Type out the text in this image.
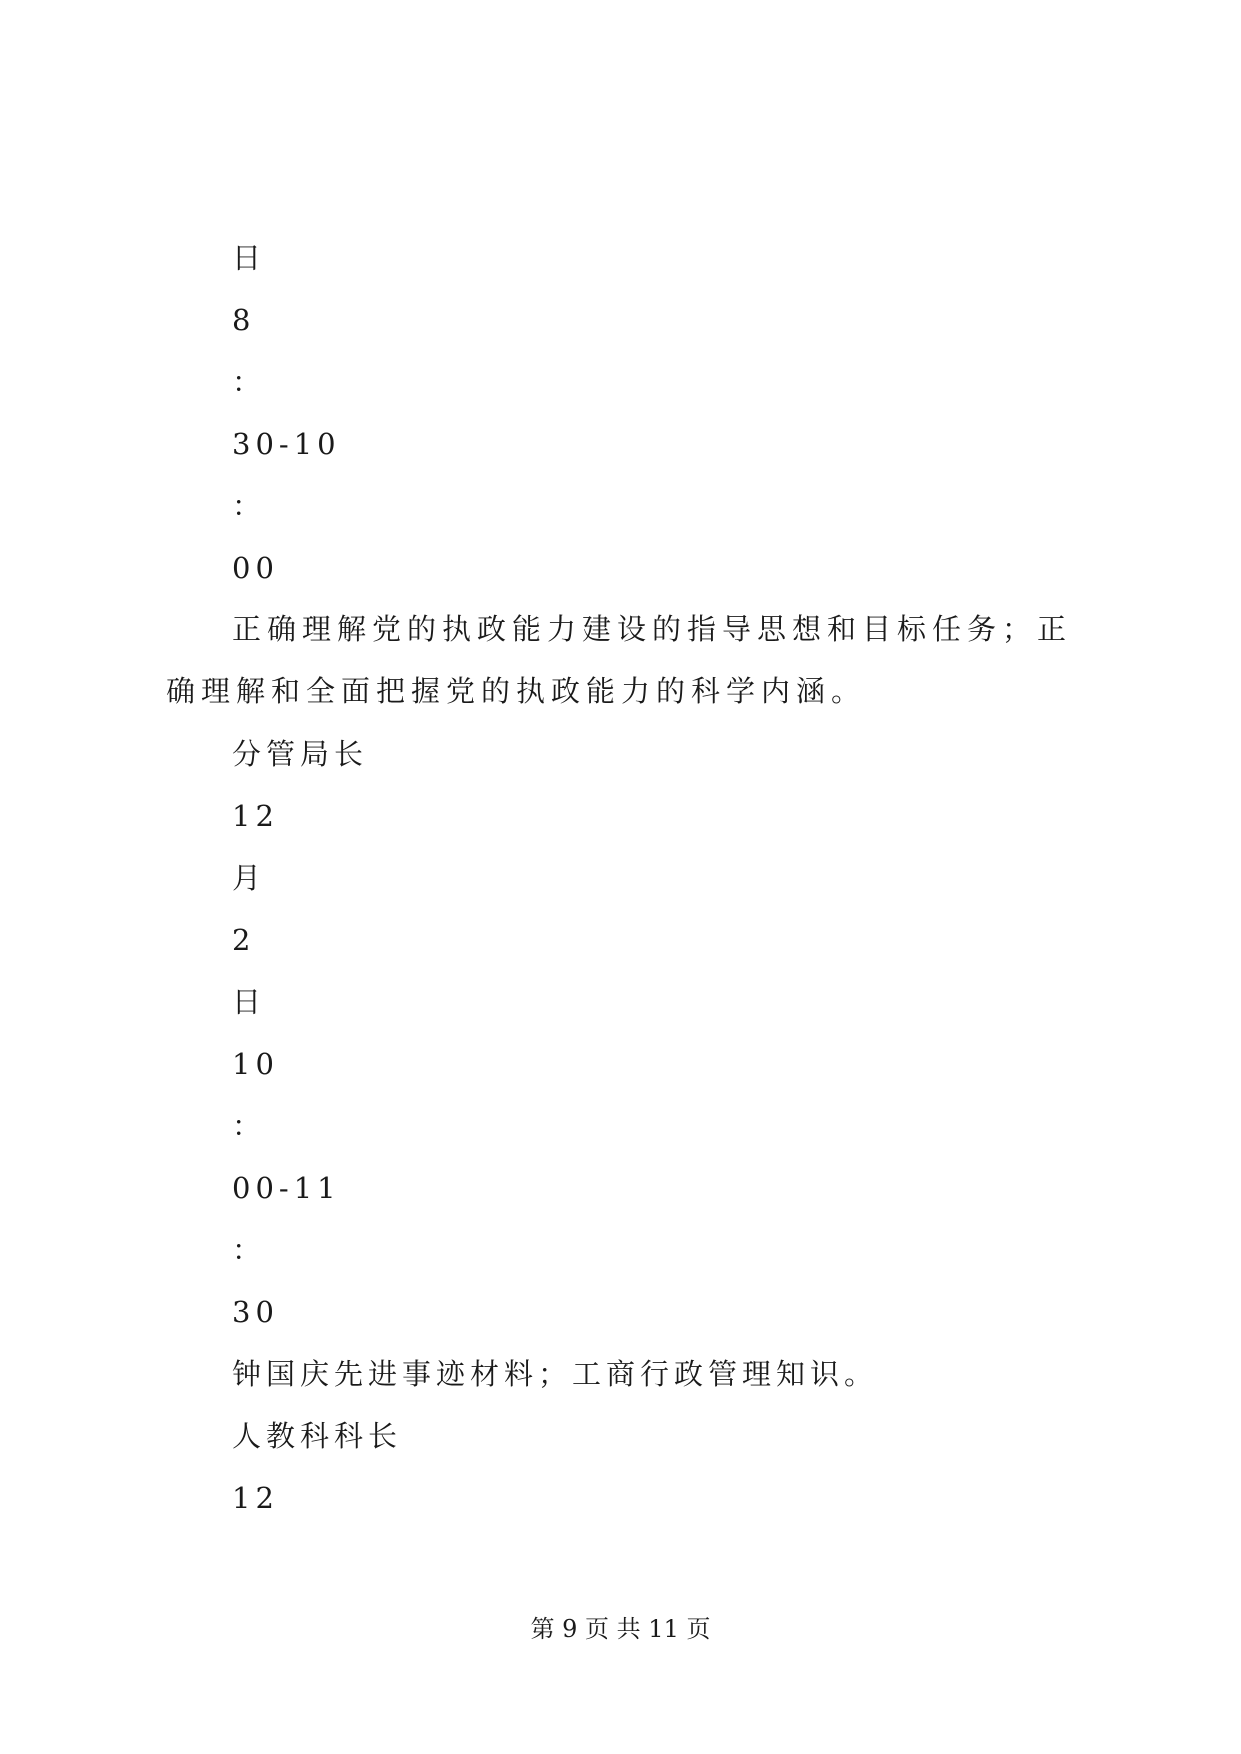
日
8
：
30-10
：
00
正确理解党的执政能力建设的指导思想和目标任务；正确理解和全面把握党的执政能力的科学内涵。
分管局长
12
月
2
日
10
：
00-11
：
30
钟国庆先进事迹材料；工商行政管理知识。
人教科科长
12
第 9 页 共 11 页
